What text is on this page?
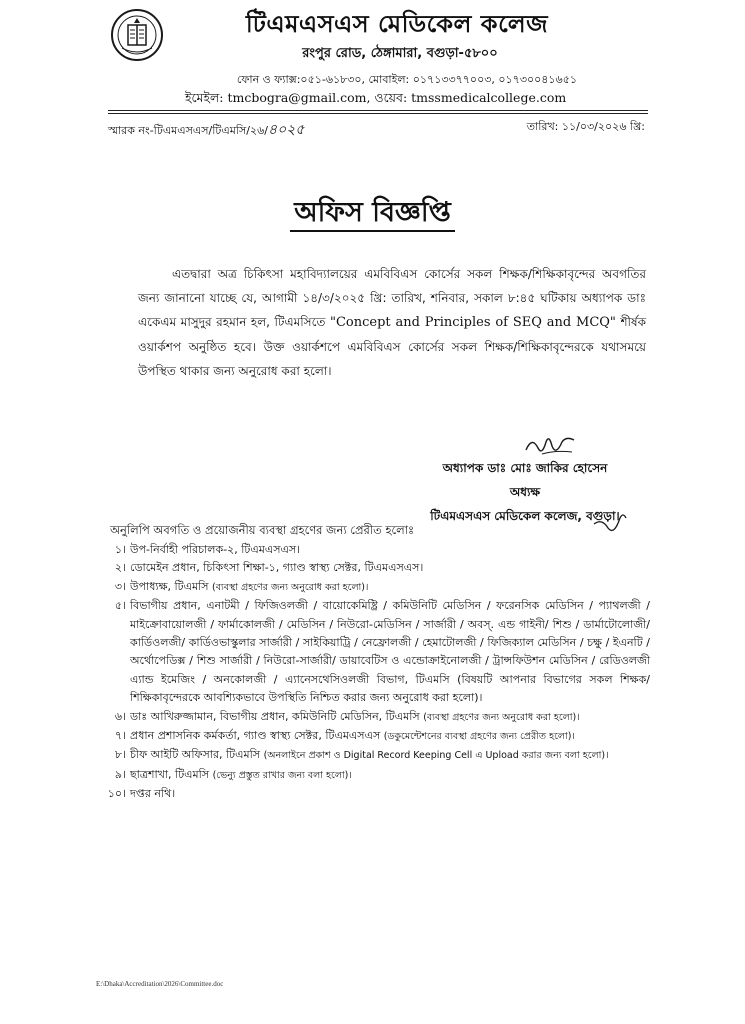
টিএমএসএস মেডিকেল কলেজ
রংপুর রোড, ঠেঙ্গামারা, বগুড়া-৫৮০০
ফোন ও ফ্যাক্স:০৫১-৬১৮৩০, মোবাইল: ০১৭১৩৩৭৭০০৩, ০১৭৩০০৪১৬৫১
ইমেইল: tmcbogra@gmail.com, ওয়েব: tmssmedicalcollege.com
স্মারক নং-টিএমএসএস/টিএমসি/২৬/৪০২৫	তারিখ: ১১/০৩/২০২৬ খ্রি:
অফিস বিজ্ঞপ্তি
এতদ্বারা অত্র চিকিৎসা মহাবিদ্যালয়ের এমবিবিএস কোর্সের সকল শিক্ষক/শিক্ষিকাবৃন্দের অবগতির জন্য জানানো যাচ্ছে যে, আগামী ১৪/৩/২০২৫ খ্রি: তারিখ, শনিবার, সকাল ৮:৪৫ ঘটিকায় অধ্যাপক ডাঃ একেএম মাসুদুর রহমান হল, টিএমসিতে "Concept and Principles of SEQ and MCQ" শীর্ষক ওয়ার্কশপ অনুষ্ঠিত হবে। উক্ত ওয়ার্কশপে এমবিবিএস কোর্সের সকল শিক্ষক/শিক্ষিকাবৃন্দেরকে যথাসময়ে উপস্থিত থাকার জন্য অনুরোধ করা হলো।
অধ্যাপক ডাঃ মোঃ জাকির হোসেন
অধ্যক্ষ
টিএমএসএস মেডিকেল কলেজ, বগুড়া।
অনুলিপি অবগতি ও প্রয়োজনীয় ব্যবস্থা গ্রহণের জন্য প্রেরীত হলোঃ
১। উপ-নির্বাহী পরিচালক-২, টিএমএসএস।
২। ডোমেইন প্রধান, চিকিৎসা শিক্ষা-১, গ্যাণ্ড স্বাস্থ্য সেক্টর, টিএমএসএস।
৩। উপাধ্যক্ষ, টিএমসি (ব্যবস্থা গ্রহণের জন্য অনুরোধ করা হলো)।
৫। বিভাগীয় প্রধান, এনাটমী / ফিজিওলজী / বায়োকেমিষ্ট্রি / কমিউনিটি মেডিসিন / ফরেনসিক মেডিসিন / প্যাথলজী / মাইক্রোবায়োলজী / ফার্মাকোলজী / মেডিসিন / নিউরো-মেডিসিন / সার্জারী / অবস্. এন্ড গাইনী/ শিশু / ডার্মাটোলোজী/ কার্ডিওলজী/ কার্ডিওভাস্কুলার সার্জারী / সাইকিয়াট্রি / নেফ্রোলজী / হেমাটোলজী / ফিজিক্যাল মেডিসিন / চক্ষু / ইএনটি / অর্থোপেডিক্স / শিশু সার্জারী / নিউরো-সার্জারী/ ডায়াবেটিস ও এন্ডোক্রাইনোলজী / ট্রান্সফিউশন মেডিসিন / রেডিওলজী এ্যান্ড ইমেজিং / অনকোলজী / এ্যানেসথেসিওলজী বিভাগ, টিএমসি (বিষয়টি আপনার বিভাগের সকল শিক্ষক/শিক্ষিকাবৃন্দেরকে আবশ্যিকভাবে উপস্থিতি নিশ্চিত করার জন্য অনুরোধ করা হলো)।
৬। ডাঃ আখিরুজ্জামান, বিভাগীয় প্রধান, কমিউনিটি মেডিসিন, টিএমসি (ব্যবস্থা গ্রহণের জন্য অনুরোধ করা হলো)।
৭। প্রধান প্রশাসনিক কর্মকর্তা, গ্যাণ্ড স্বাস্থ্য সেক্টর, টিএমএসএস (ডকুমেন্টেশনের ব্যবস্থা গ্রহণের জন্য প্রেরীত হলো)।
৮। চীফ আইটি অফিসার, টিএমসি (অনলাইনে প্রকাশ ও Digital Record Keeping Cell এ Upload করার জন্য বলা হলো)।
৯। ছাত্রশাখা, টিএমসি (ভেন্যু প্রস্তুত রাখার জন্য বলা হলো)।
১০। দপ্তর নথি।
E:\Dhaka\Accreditation\2026\Committee.doc
